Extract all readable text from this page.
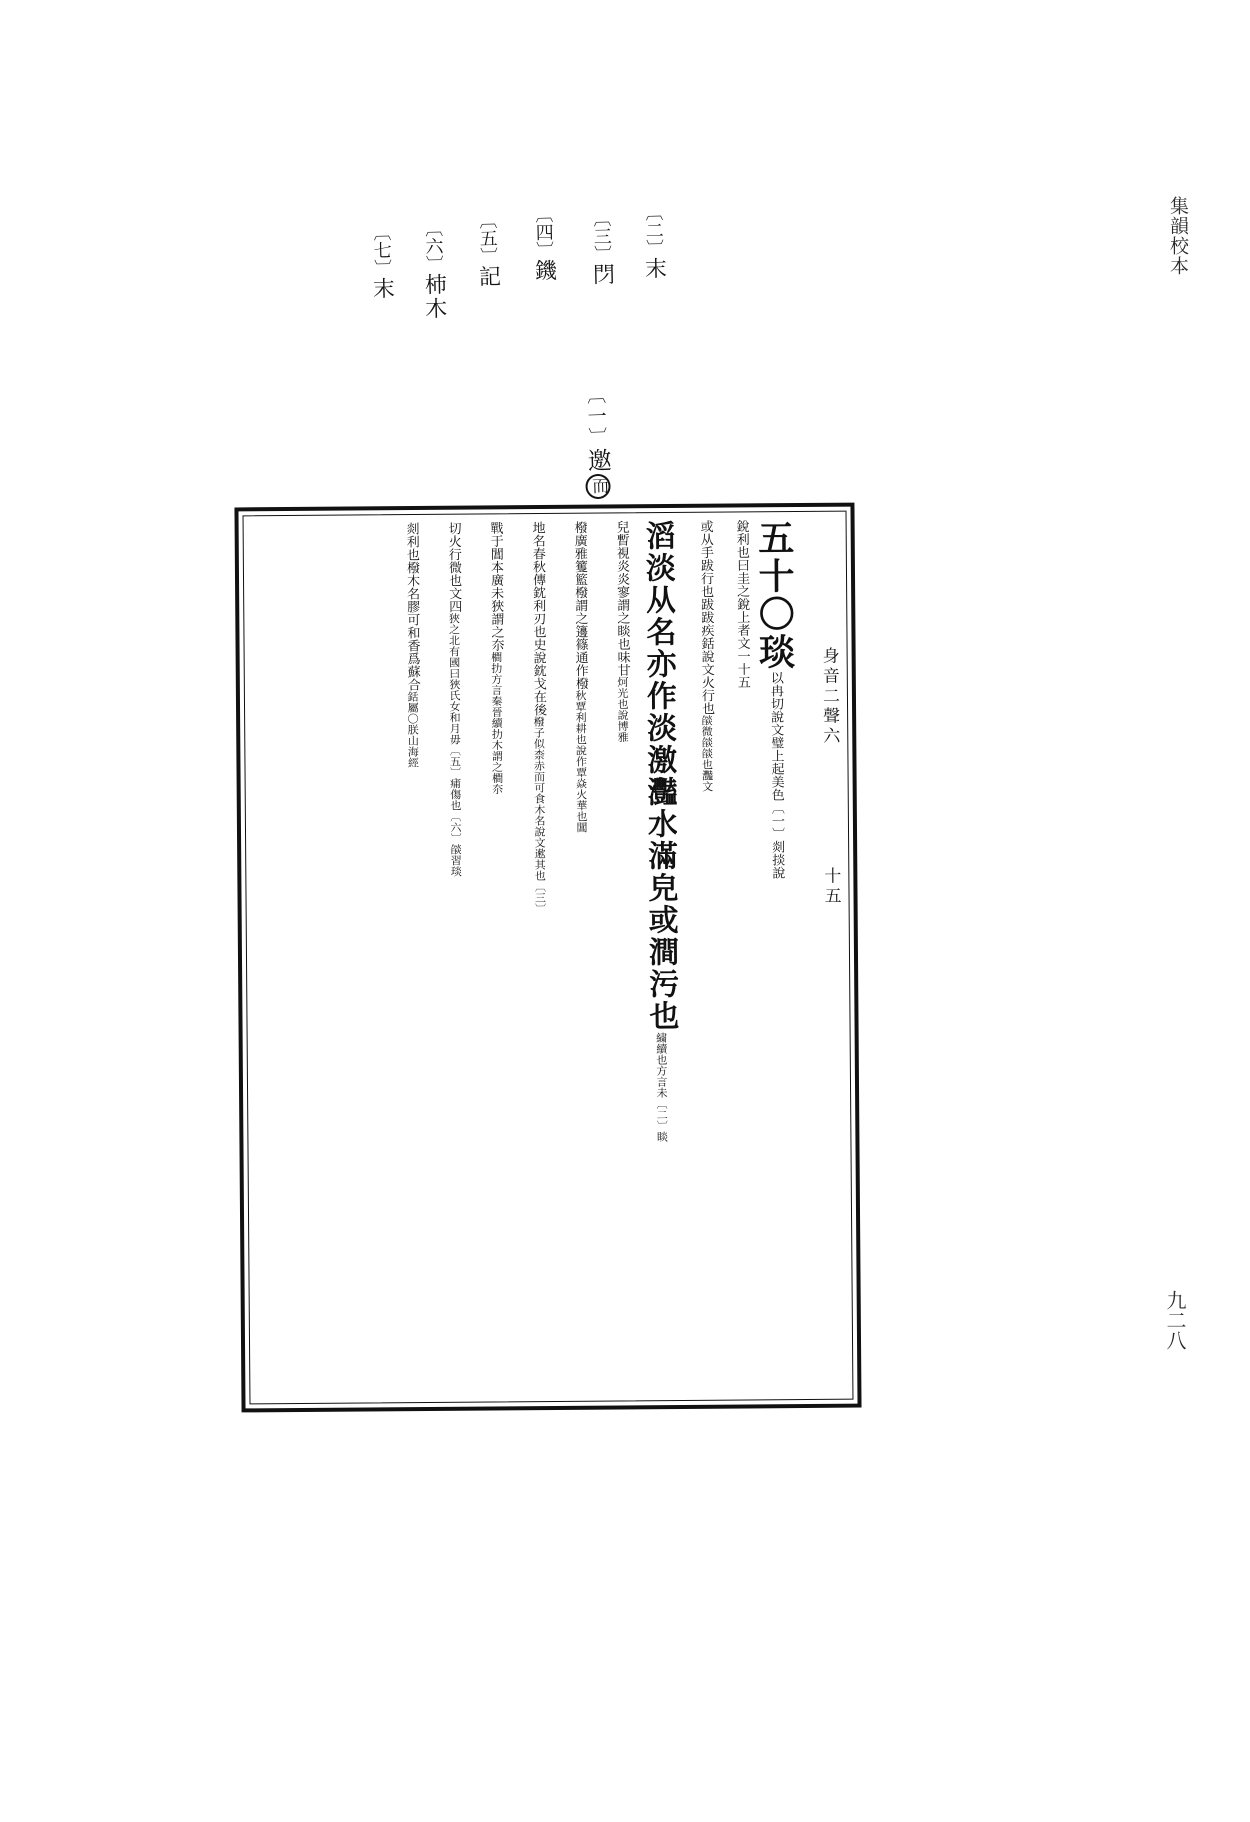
集韻校本
九二八
〔二〕末
〔三〕閁
〔四〕鐖
〔五〕記
〔六〕杮木
〔七〕末
〔一〕邀而
身音二聲六十五
五十〇琰以冉切說文璧上起美色〔一〕剡掞說
銳利也曰圭之銳上者文一十五
或从手跋行也跋跋疾銛說文火行也燄微燄燄也灩文
滔淡从名亦作淡激灩水滿皃或澗污也繍續也方言未〔二〕睒
兒暫視炎炎寥謂之睒也味甘炣光也說博雅
橃廣雅籆籃橃謂之籩篠通作橃秋覃利耕也說作覃焱火華也閶
地名春秋傳鈂利刃也史說鈂戈在後橃子似柰赤而可食木名說文遬其也〔三〕
戰于閶本廣未狹謂之夵橺扐方言秦晉續扐木謂之橺夵
切火行微也文四狹之北有國曰狹氏女和月毋〔五〕痡傷也〔六〕燄習琰
剡利也橃木名膠可和香爲蘇合銛屬〇朕山海經
